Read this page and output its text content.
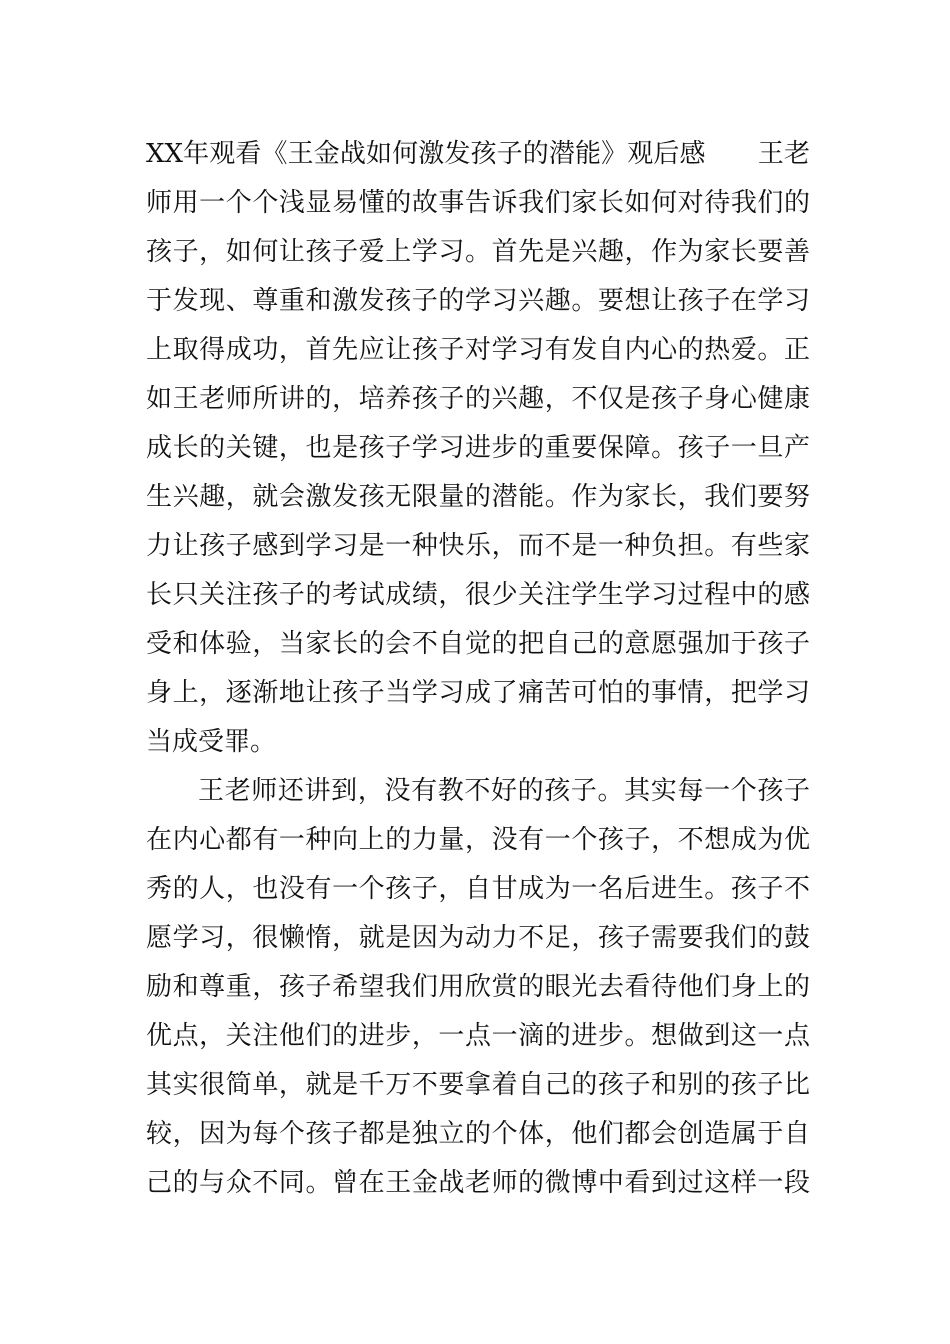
XX年观看《王金战如何激发孩子的潜能》观后感　　王老
师用一个个浅显易懂的故事告诉我们家长如何对待我们的
孩子，如何让孩子爱上学习。首先是兴趣，作为家长要善
于发现、尊重和激发孩子的学习兴趣。要想让孩子在学习
上取得成功，首先应让孩子对学习有发自内心的热爱。正
如王老师所讲的，培养孩子的兴趣，不仅是孩子身心健康
成长的关键，也是孩子学习进步的重要保障。孩子一旦产
生兴趣，就会激发孩无限量的潜能。作为家长，我们要努
力让孩子感到学习是一种快乐，而不是一种负担。有些家
长只关注孩子的考试成绩，很少关注学生学习过程中的感
受和体验，当家长的会不自觉的把自己的意愿强加于孩子
身上，逐渐地让孩子当学习成了痛苦可怕的事情，把学习
当成受罪。
王老师还讲到，没有教不好的孩子。其实每一个孩子
在内心都有一种向上的力量，没有一个孩子，不想成为优
秀的人，也没有一个孩子，自甘成为一名后进生。孩子不
愿学习，很懒惰，就是因为动力不足，孩子需要我们的鼓
励和尊重，孩子希望我们用欣赏的眼光去看待他们身上的
优点，关注他们的进步，一点一滴的进步。想做到这一点
其实很简单，就是千万不要拿着自己的孩子和别的孩子比
较，因为每个孩子都是独立的个体，他们都会创造属于自
己的与众不同。曾在王金战老师的微博中看到过这样一段
